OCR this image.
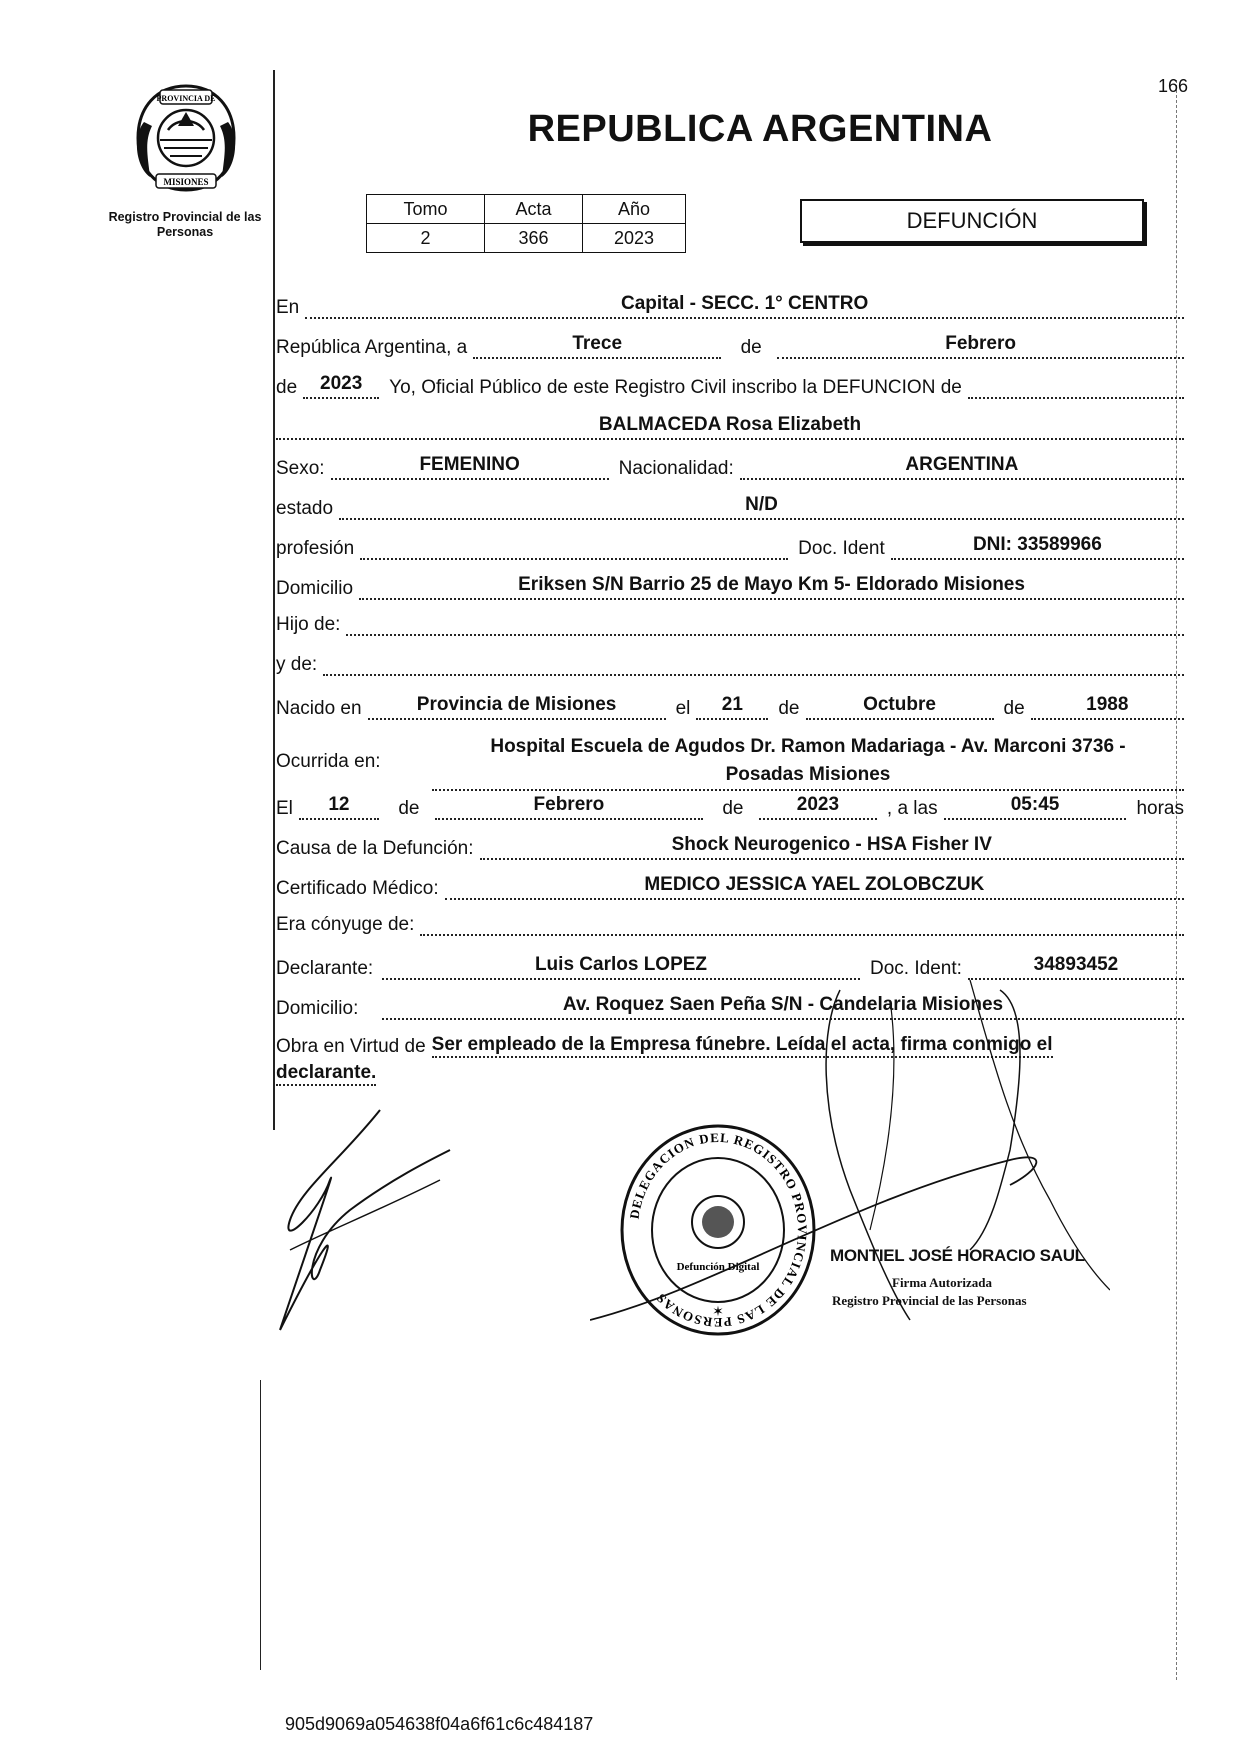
166
PROVINCIA DE
MISIONES
Registro Provincial de las Personas
REPUBLICA ARGENTINA
Tomo	Acta	Año
2	366	2023
DEFUNCIÓN
En	Capital - SECC. 1° CENTRO
República Argentina, a	Trece	de	Febrero
de	2023	Yo, Oficial Público de este Registro Civil inscribo la DEFUNCION de
BALMACEDA Rosa Elizabeth
Sexo:	FEMENINO	Nacionalidad:	ARGENTINA
estado	N/D
profesión	Doc. Ident	DNI: 33589966
Domicilio	Eriksen S/N Barrio 25 de Mayo Km 5- Eldorado Misiones
Hijo de:
y de:
Nacido en	Provincia de Misiones	el	21	de	Octubre	de	1988
Ocurrida en:
Hospital Escuela de Agudos Dr. Ramon Madariaga - Av. Marconi 3736 -
Posadas Misiones
El	12	de	Febrero	de	2023	, a las	05:45	horas
Causa de la Defunción:	Shock Neurogenico - HSA Fisher IV
Certificado Médico:	MEDICO JESSICA YAEL ZOLOBCZUK
Era cónyuge de:
Declarante:	Luis Carlos LOPEZ	Doc. Ident:	34893452
Domicilio:	Av. Roquez Saen Peña S/N - Candelaria Misiones
Obra en Virtud de Ser empleado de la Empresa fúnebre. Leída el acta, firma conmigo el
declarante.
DELEGACION DEL REGISTRO PROVINCIAL DE LAS PERSONAS
Defunción Digital
✶
MONTIEL JOSÉ HORACIO SAUL
Firma Autorizada
Registro Provincial de las Personas
905d9069a054638f04a6f61c6c484187
